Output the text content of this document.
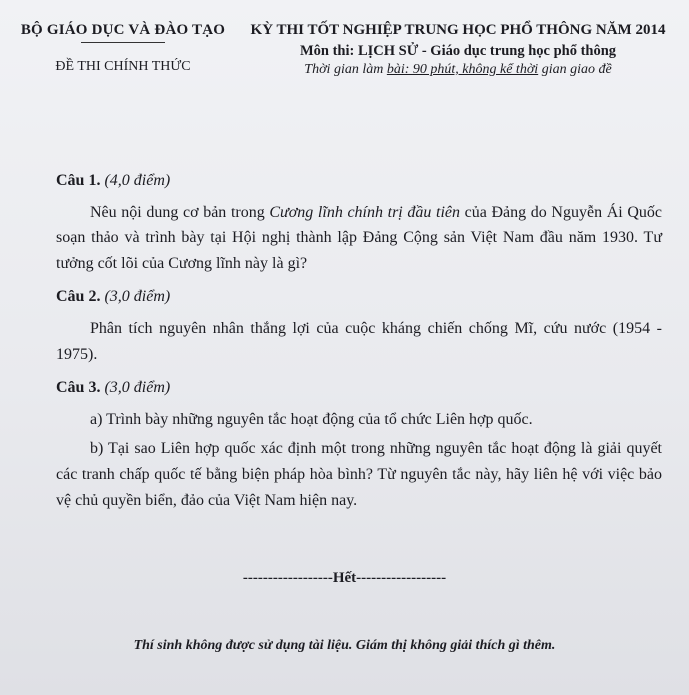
BỘ GIÁO DỤC VÀ ĐÀO TẠO
ĐỀ THI CHÍNH THỨC
KỲ THI TỐT NGHIỆP TRUNG HỌC PHỔ THÔNG NĂM 2014
Môn thi: LỊCH SỬ - Giáo dục trung học phổ thông
Thời gian làm bài: 90 phút, không kể thời gian giao đề
Câu 1. (4,0 điểm)

Nêu nội dung cơ bản trong Cương lĩnh chính trị đầu tiên của Đảng do Nguyễn Ái Quốc soạn thảo và trình bày tại Hội nghị thành lập Đảng Cộng sản Việt Nam đầu năm 1930. Tư tưởng cốt lõi của Cương lĩnh này là gì?

Câu 2. (3,0 điểm)

Phân tích nguyên nhân thắng lợi của cuộc kháng chiến chống Mĩ, cứu nước (1954 - 1975).

Câu 3. (3,0 điểm)

a) Trình bày những nguyên tắc hoạt động của tổ chức Liên hợp quốc.

b) Tại sao Liên hợp quốc xác định một trong những nguyên tắc hoạt động là giải quyết các tranh chấp quốc tế bằng biện pháp hòa bình? Từ nguyên tắc này, hãy liên hệ với việc bảo vệ chủ quyền biển, đảo của Việt Nam hiện nay.

------------------Hết------------------
Thí sinh không được sử dụng tài liệu. Giám thị không giải thích gì thêm.
